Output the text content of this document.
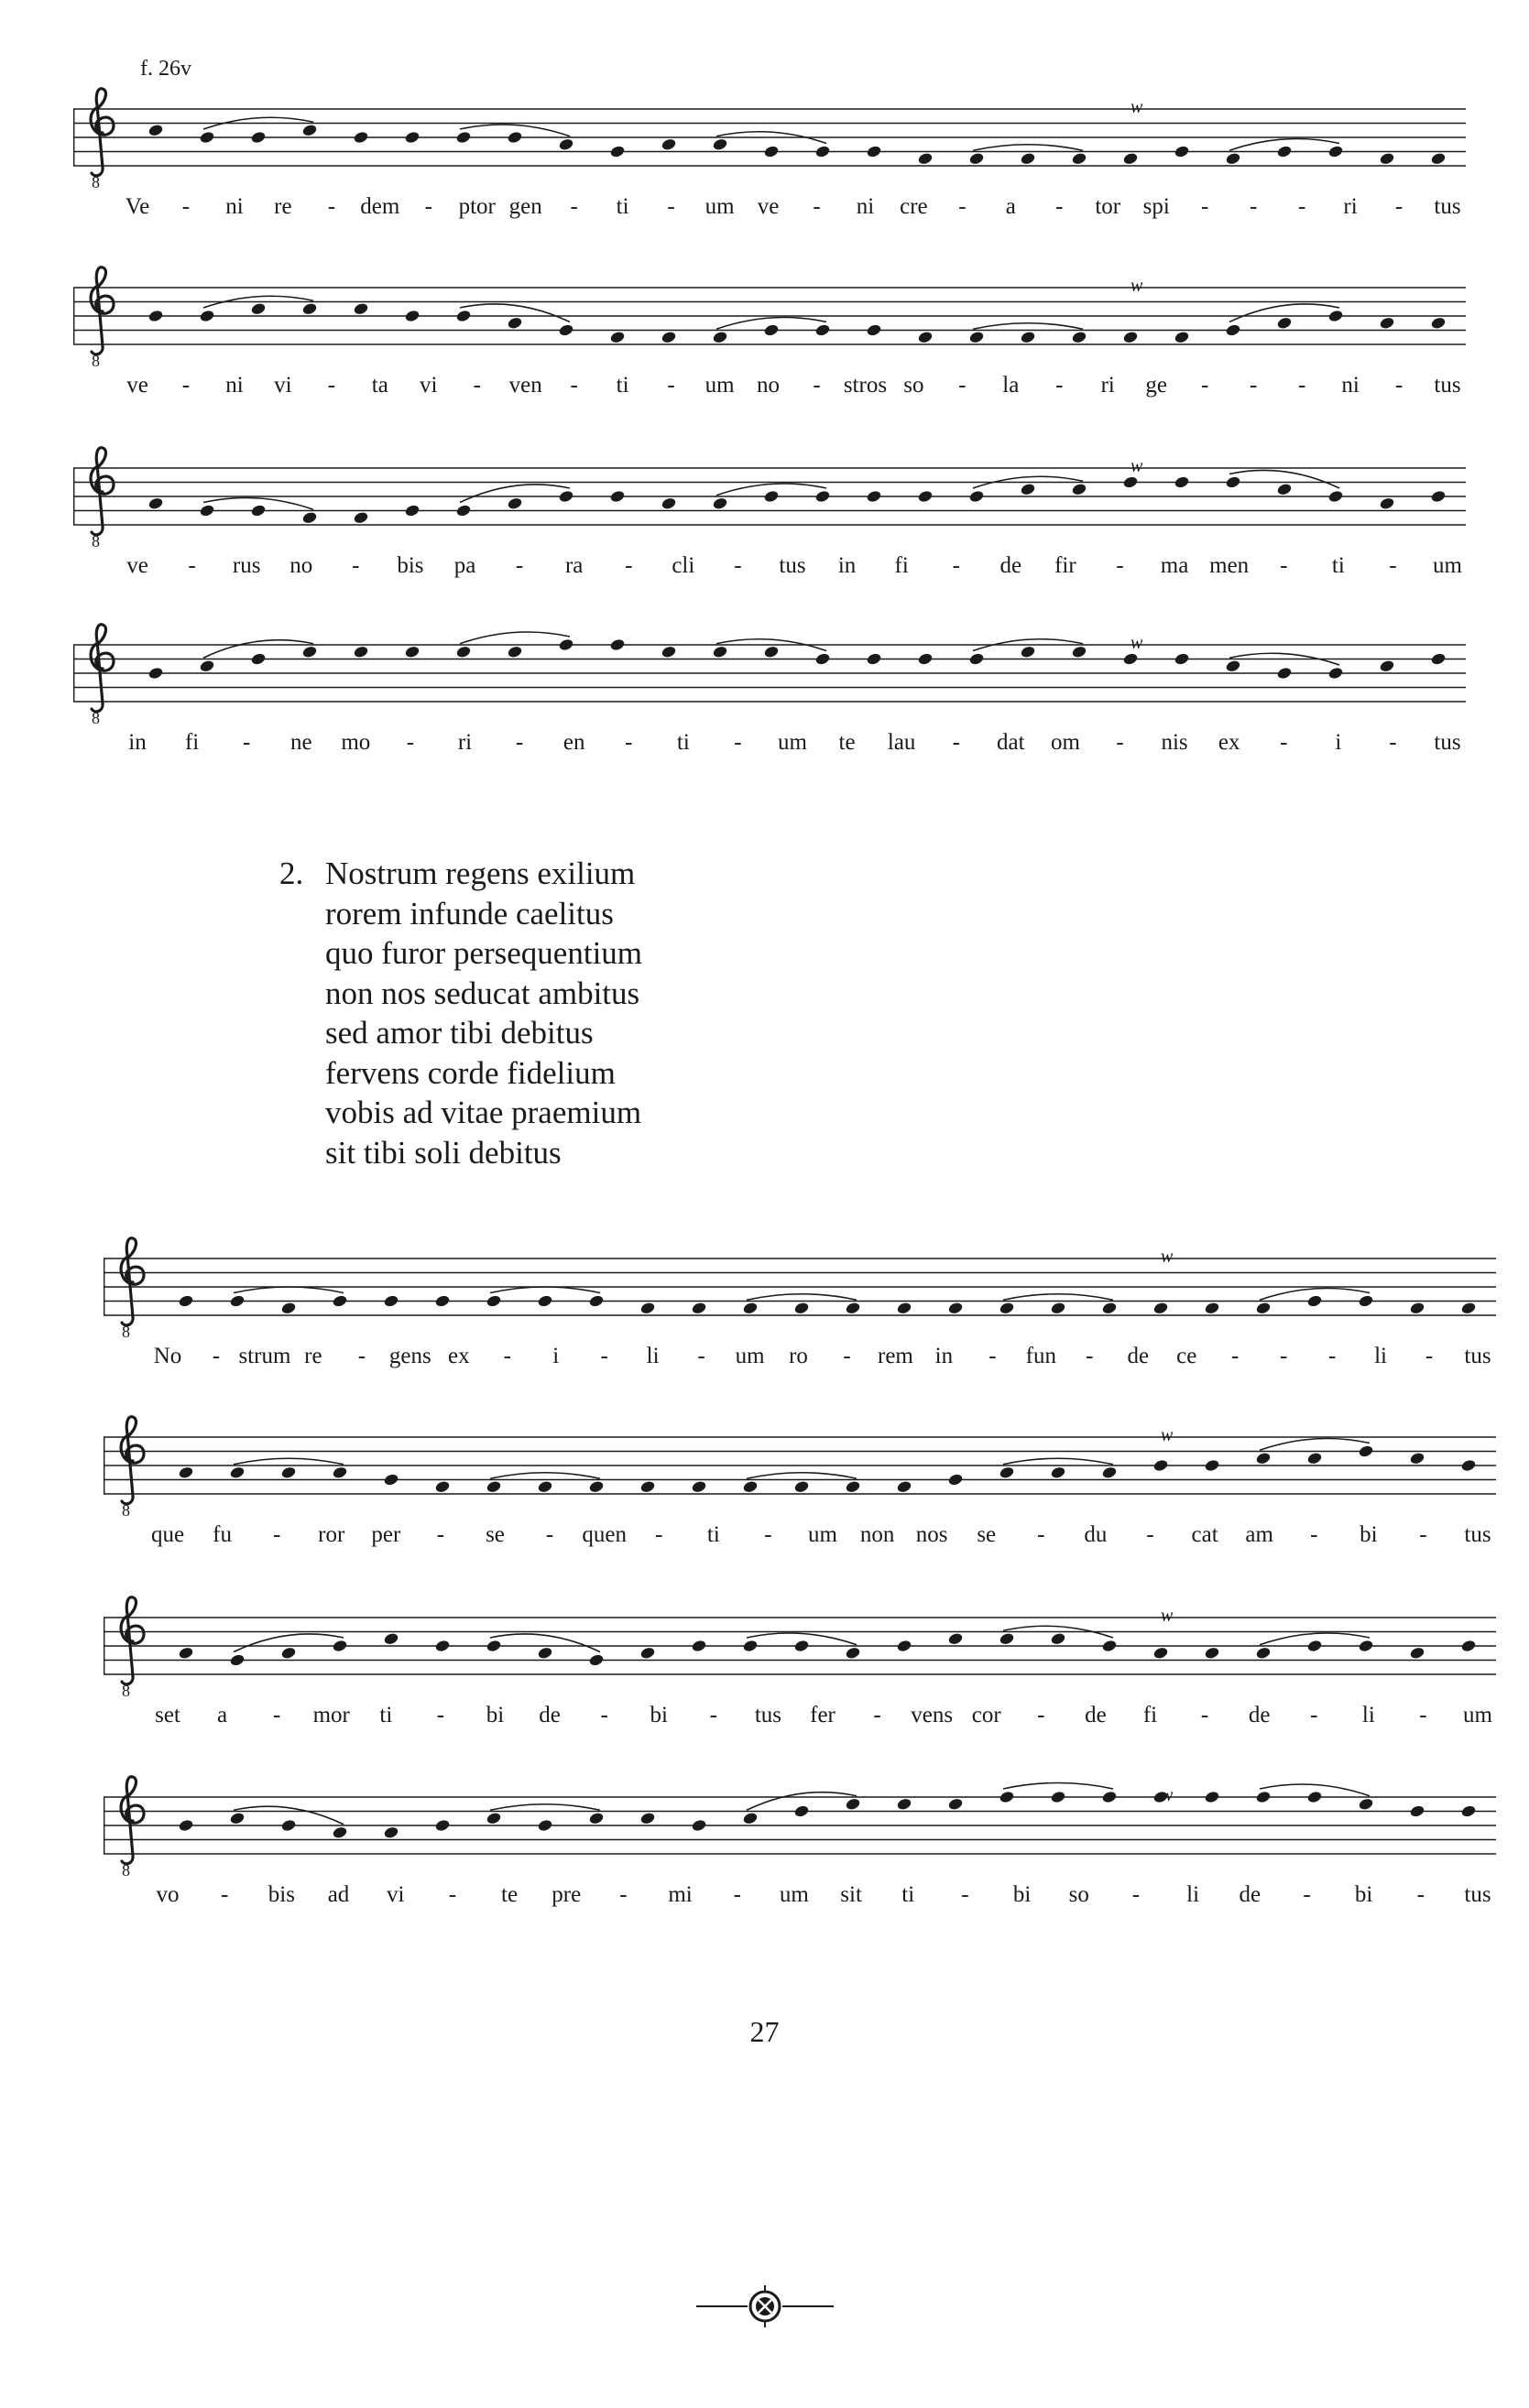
f. 26v
8
w
Ve - ni re - dem - ptor gen - ti - um ve - ni cre - a - tor spi - - - ri - tus
8
w
ve - ni vi - ta vi - ven - ti - um no - stros so - la - ri ge - - - ni - tus
8
w
ve - rus no - bis pa - ra - cli - tus in fi - de fir - ma men - ti - um
8
w
in fi - ne mo - ri - en - ti - um te lau - dat om - nis ex - i - tus
2. Nostrum regens exilium
rorem infunde caelitus
quo furor persequentium
non nos seducat ambitus
sed amor tibi debitus
fervens corde fidelium
vobis ad vitae praemium
sit tibi soli debitus
8
w
No - strum re - gens ex - i - li - um ro - rem in - fun - de ce - - - li - tus
8
w
que fu - ror per - se - quen - ti - um non nos se - du - cat am - bi - tus
8
w
set a - mor ti - bi de - bi - tus fer - vens cor - de fi - de - li - um
8
w
vo - bis ad vi - te pre - mi - um sit ti - bi so - li de - bi - tus
27
